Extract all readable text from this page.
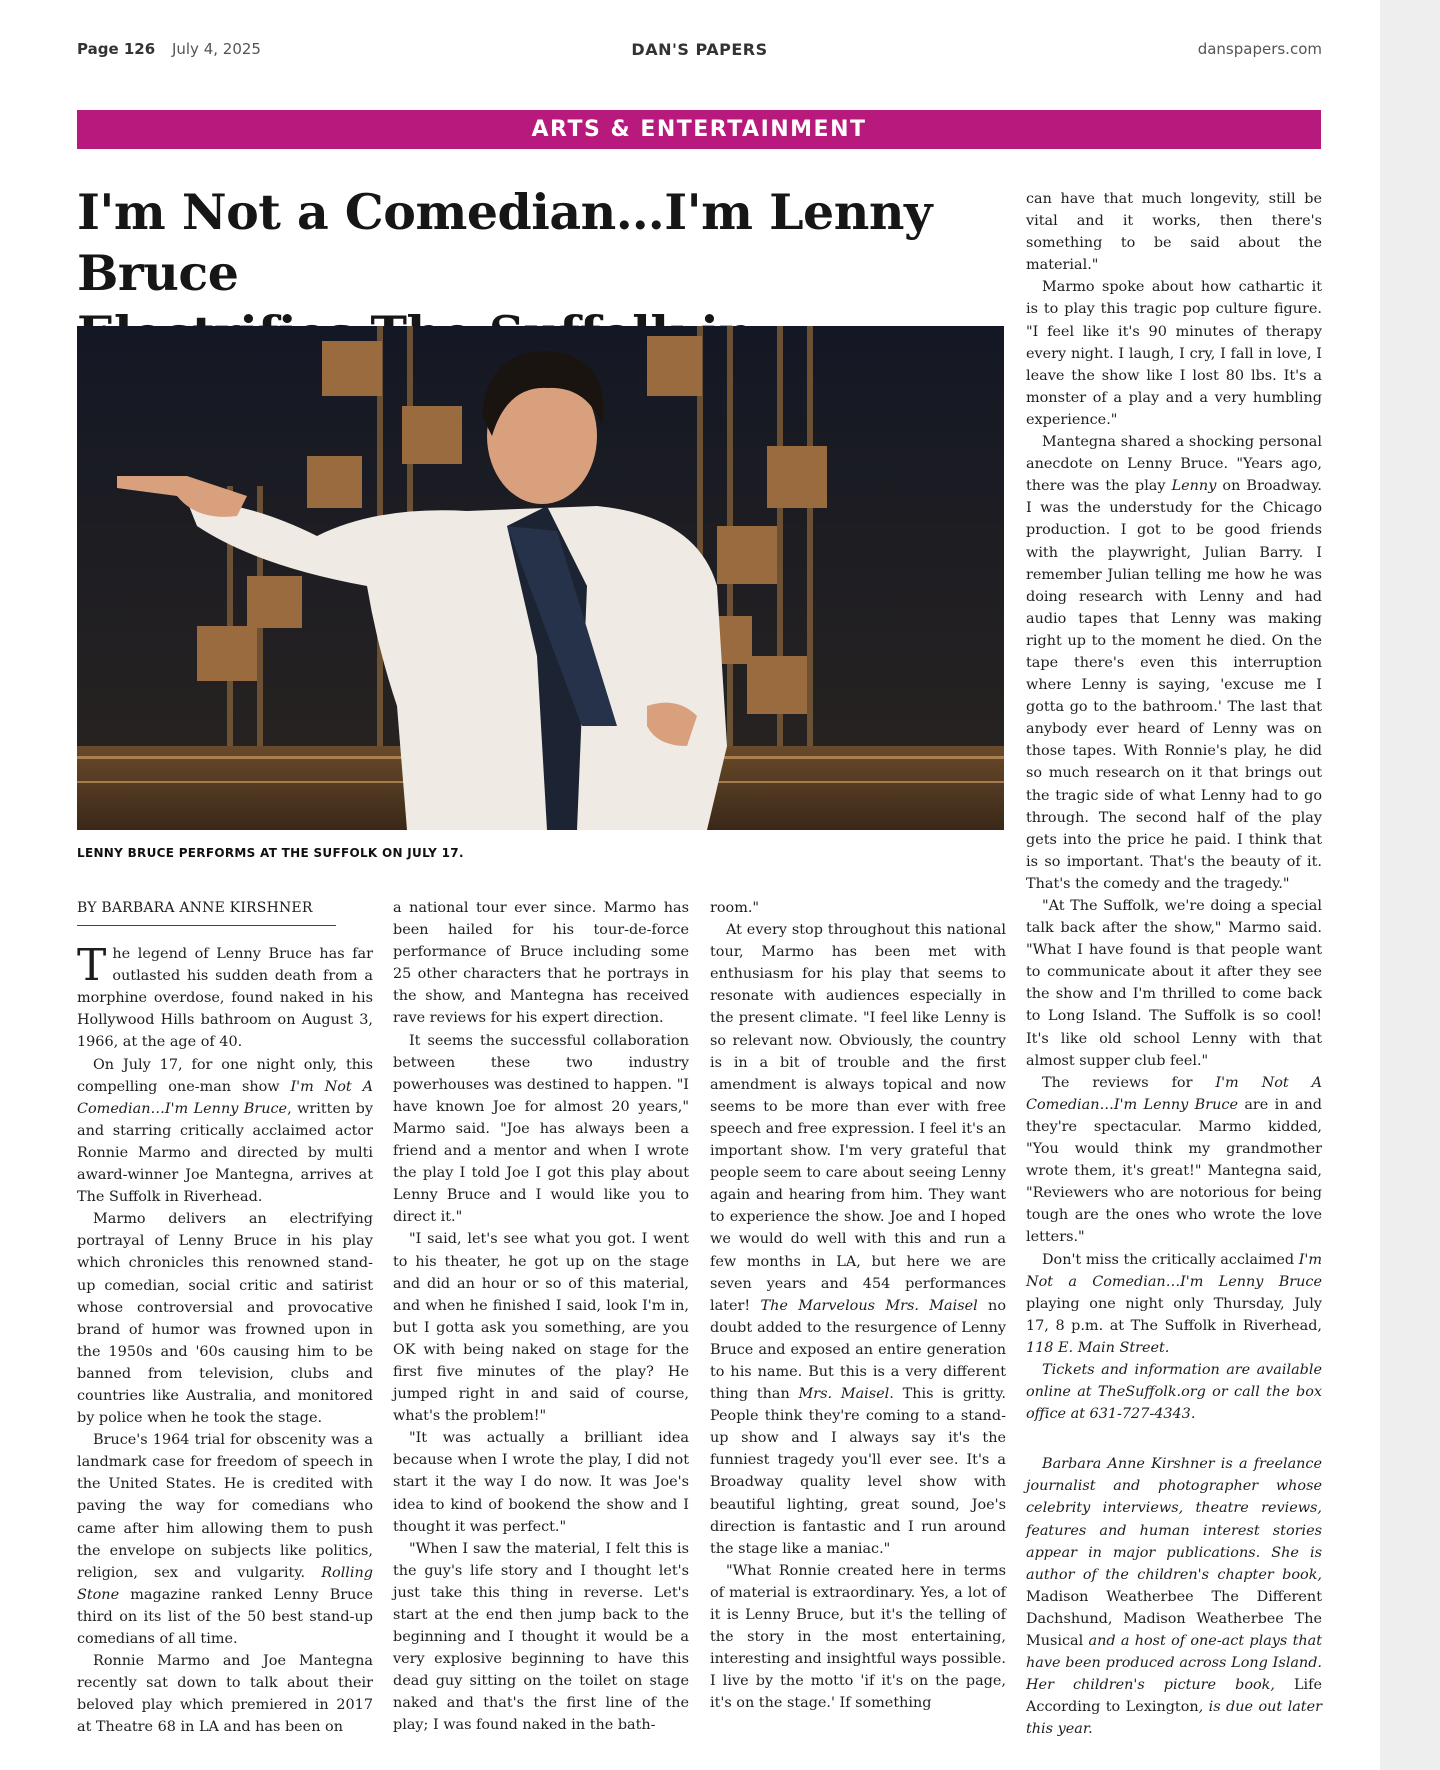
Page 126 July 4, 2025	DAN'S PAPERS	danspapers.com
ARTS & ENTERTAINMENT
I'm Not a Comedian…I'm Lenny Bruce

LENNY BRUCE PERFORMS AT THE SUFFOLK ON JULY 17.
BY BARBARA ANNE KIRSHNER

The legend of Lenny Bruce has far outlasted his sudden death from a morphine overdose, found naked in his Hollywood Hills bathroom on August 3, 1966, at the age of 40.

On July 17, for one night only, this compelling one-man show I'm Not A Comedian…I'm Lenny Bruce, written by and starring critically acclaimed actor Ronnie Marmo and directed by multi award-winner Joe Mantegna, arrives at The Suffolk in Riverhead.

Marmo delivers an electrifying portrayal of Lenny Bruce in his play which chronicles this renowned stand-up comedian, social critic and satirist whose controversial and provocative brand of humor was frowned upon in the 1950s and '60s causing him to be banned from television, clubs and countries like Australia, and monitored by police when he took the stage.

Bruce's 1964 trial for obscenity was a landmark case for freedom of speech in the United States. He is credited with paving the way for comedians who came after him allowing them to push the envelope on subjects like politics, religion, sex and vulgarity. Rolling Stone magazine ranked Lenny Bruce third on its list of the 50 best stand-up comedians of all time.

Ronnie Marmo and Joe Mantegna recently sat down to talk about their beloved play which premiered in 2017 at Theatre 68 in LA and has been on

a national tour ever since. Marmo has been hailed for his tour-de-force performance of Bruce including some 25 other characters that he portrays in the show, and Mantegna has received rave reviews for his expert direction.

It seems the successful collaboration between these two industry powerhouses was destined to happen. "I have known Joe for almost 20 years," Marmo said. "Joe has always been a friend and a mentor and when I wrote the play I told Joe I got this play about Lenny Bruce and I would like you to direct it."

"I said, let's see what you got. I went to his theater, he got up on the stage and did an hour or so of this material, and when he finished I said, look I'm in, but I gotta ask you something, are you OK with being naked on stage for the first five minutes of the play? He jumped right in and said of course, what's the problem!"

"It was actually a brilliant idea because when I wrote the play, I did not start it the way I do now. It was Joe's idea to kind of bookend the show and I thought it was perfect."

"When I saw the material, I felt this is the guy's life story and I thought let's just take this thing in reverse. Let's start at the end then jump back to the beginning and I thought it would be a very explosive beginning to have this dead guy sitting on the toilet on stage naked and that's the first line of the play; I was found naked in the bath-

room."

At every stop throughout this national tour, Marmo has been met with enthusiasm for his play that seems to resonate with audiences especially in the present climate. "I feel like Lenny is so relevant now. Obviously, the country is in a bit of trouble and the first amendment is always topical and now seems to be more than ever with free speech and free expression. I feel it's an important show. I'm very grateful that people seem to care about seeing Lenny again and hearing from him. They want to experience the show. Joe and I hoped we would do well with this and run a few months in LA, but here we are seven years and 454 performances later! The Marvelous Mrs. Maisel no doubt added to the resurgence of Lenny Bruce and exposed an entire generation to his name. But this is a very different thing than Mrs. Maisel. This is gritty. People think they're coming to a stand-up show and I always say it's the funniest tragedy you'll ever see. It's a Broadway quality level show with beautiful lighting, great sound, Joe's direction is fantastic and I run around the stage like a maniac."

"What Ronnie created here in terms of material is extraordinary. Yes, a lot of it is Lenny Bruce, but it's the telling of the story in the most entertaining, interesting and insightful ways possible. I live by the motto 'if it's on the page, it's on the stage.' If something

can have that much longevity, still be vital and it works, then there's something to be said about the material."

Marmo spoke about how cathartic it is to play this tragic pop culture figure. "I feel like it's 90 minutes of therapy every night. I laugh, I cry, I fall in love, I leave the show like I lost 80 lbs. It's a monster of a play and a very humbling experience."

Mantegna shared a shocking personal anecdote on Lenny Bruce. "Years ago, there was the play Lenny on Broadway. I was the understudy for the Chicago production. I got to be good friends with the playwright, Julian Barry. I remember Julian telling me how he was doing research with Lenny and had audio tapes that Lenny was making right up to the moment he died. On the tape there's even this interruption where Lenny is saying, 'excuse me I gotta go to the bathroom.' The last that anybody ever heard of Lenny was on those tapes. With Ronnie's play, he did so much research on it that brings out the tragic side of what Lenny had to go through. The second half of the play gets into the price he paid. I think that is so important. That's the beauty of it. That's the comedy and the tragedy."

"At The Suffolk, we're doing a special talk back after the show," Marmo said. "What I have found is that people want to communicate about it after they see the show and I'm thrilled to come back to Long Island. The Suffolk is so cool! It's like old school Lenny with that almost supper club feel."

The reviews for I'm Not A Comedian…I'm Lenny Bruce are in and they're spectacular. Marmo kidded, "You would think my grandmother wrote them, it's great!" Mantegna said, "Reviewers who are notorious for being tough are the ones who wrote the love letters."

Don't miss the critically acclaimed I'm Not a Comedian…I'm Lenny Bruce playing one night only Thursday, July 17, 8 p.m. at The Suffolk in Riverhead, 118 E. Main Street.

Tickets and information are available online at TheSuffolk.org or call the box office at 631-727-4343.

Barbara Anne Kirshner is a freelance journalist and photographer whose celebrity interviews, theatre reviews, features and human interest stories appear in major publications. She is author of the children's chapter book, Madison Weatherbee The Different Dachshund, Madison Weatherbee The Musical and a host of one-act plays that have been produced across Long Island. Her children's picture book, Life According to Lexington, is due out later this year.
